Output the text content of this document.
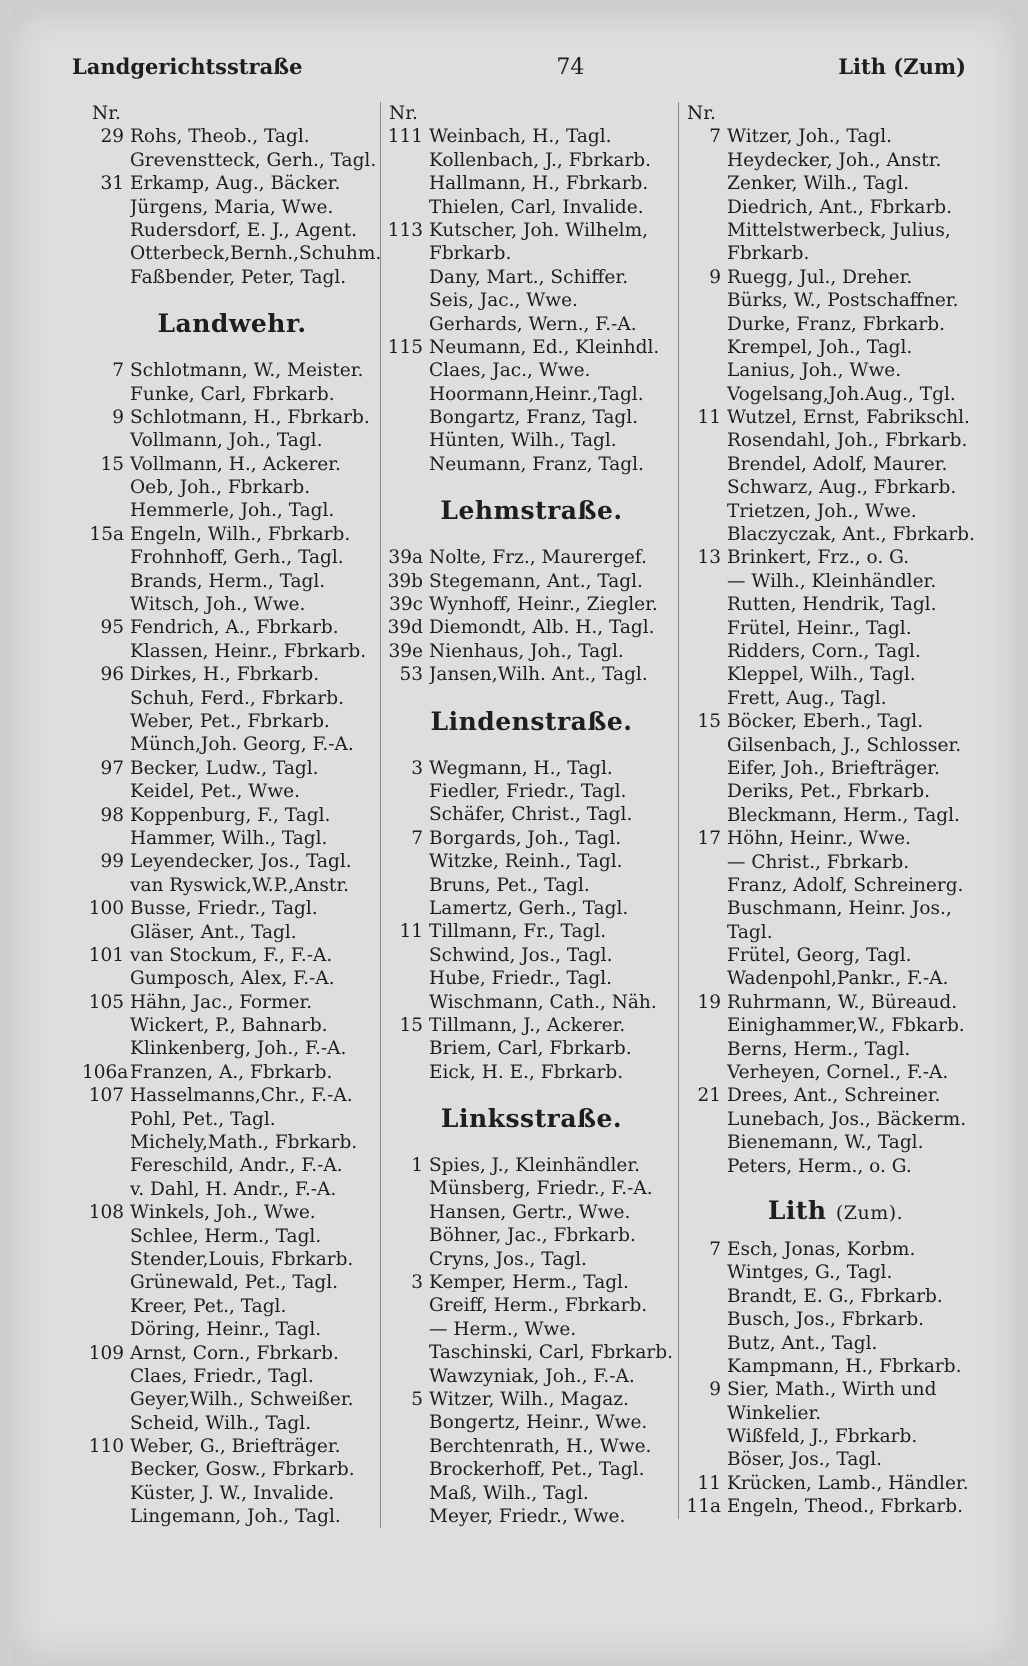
Landgerichtsstraße	74	Lith (Zum)
Nr.
29 Rohs, Theob., Tagl.
Grevenstteck, Gerh., Tagl.
31 Erkamp, Aug., Bäcker.
Jürgens, Maria, Wwe.
Rudersdorf, E. J., Agent.
Otterbeck,Bernh.,Schuhm.
Faßbender, Peter, Tagl.
Landwehr.
7 Schlotmann, W., Meister.
Funke, Carl, Fbrkarb.
9 Schlotmann, H., Fbrkarb.
Vollmann, Joh., Tagl.
15 Vollmann, H., Ackerer.
Oeb, Joh., Fbrkarb.
Hemmerle, Joh., Tagl.
15a Engeln, Wilh., Fbrkarb.
Frohnhoff, Gerh., Tagl.
Brands, Herm., Tagl.
Witsch, Joh., Wwe.
95 Fendrich, A., Fbrkarb.
Klassen, Heinr., Fbrkarb.
96 Dirkes, H., Fbrkarb.
Schuh, Ferd., Fbrkarb.
Weber, Pet., Fbrkarb.
Münch,Joh. Georg, F.-A.
97 Becker, Ludw., Tagl.
Keidel, Pet., Wwe.
98 Koppenburg, F., Tagl.
Hammer, Wilh., Tagl.
99 Leyendecker, Jos., Tagl.
van Ryswick,W.P.,Anstr.
100 Busse, Friedr., Tagl.
Gläser, Ant., Tagl.
101 van Stockum, F., F.-A.
Gumposch, Alex, F.-A.
105 Hähn, Jac., Former.
Wickert, P., Bahnarb.
Klinkenberg, Joh., F.-A.
106a Franzen, A., Fbrkarb.
107 Hasselmanns,Chr., F.-A.
Pohl, Pet., Tagl.
Michely,Math., Fbrkarb.
Fereschild, Andr., F.-A.
v. Dahl, H. Andr., F.-A.
108 Winkels, Joh., Wwe.
Schlee, Herm., Tagl.
Stender,Louis, Fbrkarb.
Grünewald, Pet., Tagl.
Kreer, Pet., Tagl.
Döring, Heinr., Tagl.
109 Arnst, Corn., Fbrkarb.
Claes, Friedr., Tagl.
Geyer,Wilh., Schweißer.
Scheid, Wilh., Tagl.
110 Weber, G., Briefträger.
Becker, Gosw., Fbrkarb.
Küster, J. W., Invalide.
Lingemann, Joh., Tagl.
Nr.
111 Weinbach, H., Tagl.
Kollenbach, J., Fbrkarb.
Hallmann, H., Fbrkarb.
Thielen, Carl, Invalide.
113 Kutscher, Joh. Wilhelm,
Fbrkarb.
Dany, Mart., Schiffer.
Seis, Jac., Wwe.
Gerhards, Wern., F.-A.
115 Neumann, Ed., Kleinhdl.
Claes, Jac., Wwe.
Hoormann,Heinr.,Tagl.
Bongartz, Franz, Tagl.
Hünten, Wilh., Tagl.
Neumann, Franz, Tagl.
Lehmstraße.
39a Nolte, Frz., Maurergef.
39b Stegemann, Ant., Tagl.
39c Wynhoff, Heinr., Ziegler.
39d Diemondt, Alb. H., Tagl.
39e Nienhaus, Joh., Tagl.
53 Jansen,Wilh. Ant., Tagl.
Lindenstraße.
3 Wegmann, H., Tagl.
Fiedler, Friedr., Tagl.
Schäfer, Christ., Tagl.
7 Borgards, Joh., Tagl.
Witzke, Reinh., Tagl.
Bruns, Pet., Tagl.
Lamertz, Gerh., Tagl.
11 Tillmann, Fr., Tagl.
Schwind, Jos., Tagl.
Hube, Friedr., Tagl.
Wischmann, Cath., Näh.
15 Tillmann, J., Ackerer.
Briem, Carl, Fbrkarb.
Eick, H. E., Fbrkarb.
Linksstraße.
1 Spies, J., Kleinhändler.
Münsberg, Friedr., F.-A.
Hansen, Gertr., Wwe.
Böhner, Jac., Fbrkarb.
Cryns, Jos., Tagl.
3 Kemper, Herm., Tagl.
Greiff, Herm., Fbrkarb.
— Herm., Wwe.
Taschinski, Carl, Fbrkarb.
Wawzyniak, Joh., F.-A.
5 Witzer, Wilh., Magaz.
Bongertz, Heinr., Wwe.
Berchtenrath, H., Wwe.
Brockerhoff, Pet., Tagl.
Maß, Wilh., Tagl.
Meyer, Friedr., Wwe.
Nr.
7 Witzer, Joh., Tagl.
Heydecker, Joh., Anstr.
Zenker, Wilh., Tagl.
Diedrich, Ant., Fbrkarb.
Mittelstwerbeck, Julius,
Fbrkarb.
9 Ruegg, Jul., Dreher.
Bürks, W., Postschaffner.
Durke, Franz, Fbrkarb.
Krempel, Joh., Tagl.
Lanius, Joh., Wwe.
Vogelsang,Joh.Aug., Tgl.
11 Wutzel, Ernst, Fabrikschl.
Rosendahl, Joh., Fbrkarb.
Brendel, Adolf, Maurer.
Schwarz, Aug., Fbrkarb.
Trietzen, Joh., Wwe.
Blaczyczak, Ant., Fbrkarb.
13 Brinkert, Frz., o. G.
— Wilh., Kleinhändler.
Rutten, Hendrik, Tagl.
Frütel, Heinr., Tagl.
Ridders, Corn., Tagl.
Kleppel, Wilh., Tagl.
Frett, Aug., Tagl.
15 Böcker, Eberh., Tagl.
Gilsenbach, J., Schlosser.
Eifer, Joh., Briefträger.
Deriks, Pet., Fbrkarb.
Bleckmann, Herm., Tagl.
17 Höhn, Heinr., Wwe.
— Christ., Fbrkarb.
Franz, Adolf, Schreinerg.
Buschmann, Heinr. Jos.,
Tagl.
Frütel, Georg, Tagl.
Wadenpohl,Pankr., F.-A.
19 Ruhrmann, W., Büreaud.
Einighammer,W., Fbkarb.
Berns, Herm., Tagl.
Verheyen, Cornel., F.-A.
21 Drees, Ant., Schreiner.
Lunebach, Jos., Bäckerm.
Bienemann, W., Tagl.
Peters, Herm., o. G.
Lith (Zum).
7 Esch, Jonas, Korbm.
Wintges, G., Tagl.
Brandt, E. G., Fbrkarb.
Busch, Jos., Fbrkarb.
Butz, Ant., Tagl.
Kampmann, H., Fbrkarb.
9 Sier, Math., Wirth und
Winkelier.
Wißfeld, J., Fbrkarb.
Böser, Jos., Tagl.
11 Krücken, Lamb., Händler.
11a Engeln, Theod., Fbrkarb.
